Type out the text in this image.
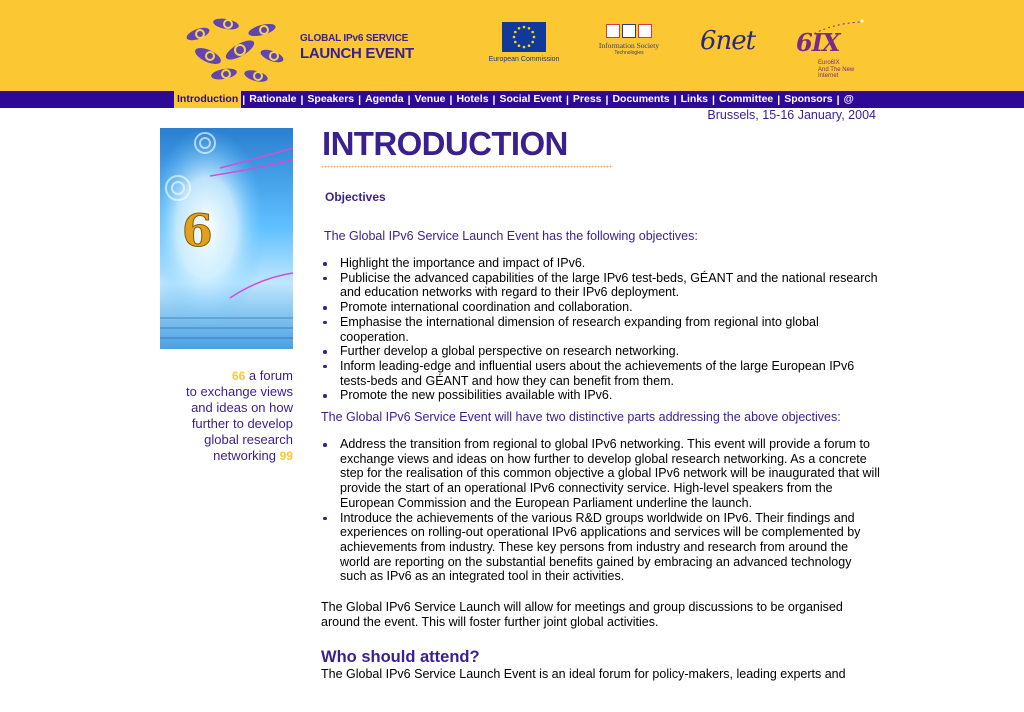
GLOBAL IPv6 SERVICE
LAUNCH EVENT	European Commission
Information Society
Technologies	6net 6IX
Euro6IX
And The New Internet
Introduction | Rationale | Speakers | Agenda | Venue | Hotels | Social Event | Press | Documents | Links | Committee | Sponsors | @
Brussels, 15-16 January, 2004
6
66 a forum
to exchange views
and ideas on how
further to develop
global research
networking 99
INTRODUCTION
Objectives
The Global IPv6 Service Launch Event has the following objectives:
Highlight the importance and impact of IPv6.
Publicise the advanced capabilities of the large IPv6 test-beds, GÉANT and the national research and education networks with regard to their IPv6 deployment.
Promote international coordination and collaboration.
Emphasise the international dimension of research expanding from regional into global cooperation.
Further develop a global perspective on research networking.
Inform leading-edge and influential users about the achievements of the large European IPv6 tests-beds and GÉANT and how they can benefit from them.
Promote the new possibilities available with IPv6.
The Global IPv6 Service Event will have two distinctive parts addressing the above objectives:
Address the transition from regional to global IPv6 networking. This event will provide a forum to exchange views and ideas on how further to develop global research networking. As a concrete step for the realisation of this common objective a global IPv6 network will be inaugurated that will provide the start of an operational IPv6 connectivity service. High-level speakers from the European Commission and the European Parliament underline the launch.
Introduce the achievements of the various R&D groups worldwide on IPv6. Their findings and experiences on rolling-out operational IPv6 applications and services will be complemented by achievements from industry. These key persons from industry and research from around the world are reporting on the substantial benefits gained by embracing an advanced technology such as IPv6 as an integrated tool in their activities.

The Global IPv6 Service Launch will allow for meetings and group discussions to be organised around the event. This will foster further joint global activities.

Who should attend?

The Global IPv6 Service Launch Event is an ideal forum for policy-makers, leading experts and
